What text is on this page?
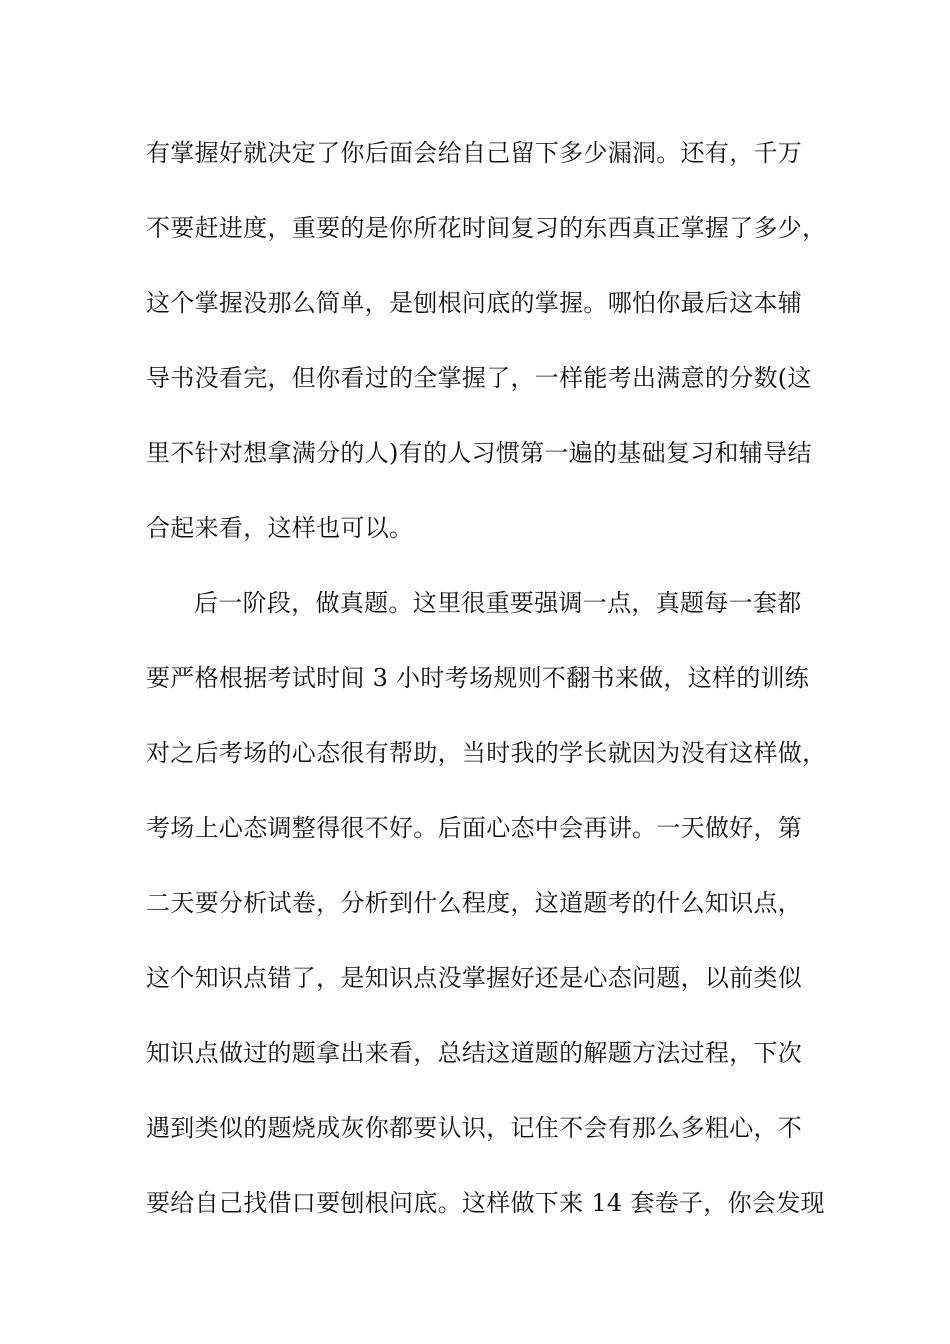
有掌握好就决定了你后面会给自己留下多少漏洞。还有，千万
不要赶进度，重要的是你所花时间复习的东西真正掌握了多少，
这个掌握没那么简单，是刨根问底的掌握。哪怕你最后这本辅
导书没看完，但你看过的全掌握了，一样能考出满意的分数(这
里不针对想拿满分的人)有的人习惯第一遍的基础复习和辅导结
合起来看，这样也可以。
后一阶段，做真题。这里很重要强调一点，真题每一套都
要严格根据考试时间 3 小时考场规则不翻书来做，这样的训练
对之后考场的心态很有帮助，当时我的学长就因为没有这样做，
考场上心态调整得很不好。后面心态中会再讲。一天做好，第
二天要分析试卷，分析到什么程度，这道题考的什么知识点，
这个知识点错了，是知识点没掌握好还是心态问题，以前类似
知识点做过的题拿出来看，总结这道题的解题方法过程，下次
遇到类似的题烧成灰你都要认识，记住不会有那么多粗心，不
要给自己找借口要刨根问底。这样做下来 14 套卷子，你会发现
